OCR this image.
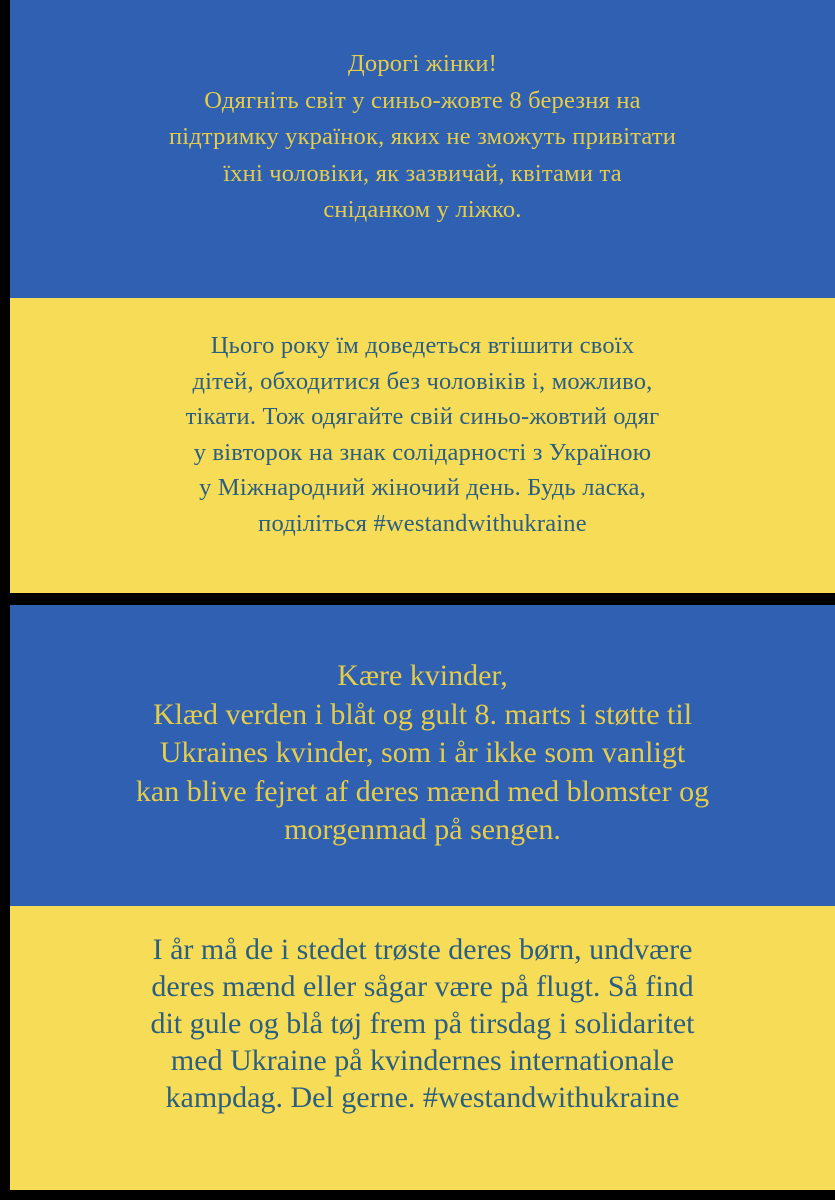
Дорогі жінки!
Одягніть світ у синьо-жовте 8 березня на
підтримку українок, яких не зможуть привітати
їхні чоловіки, як зазвичай, квітами та
сніданком у ліжко.
Цього року їм доведеться втішити своїх
дітей, обходитися без чоловіків і, можливо,
тікати. Тож одягайте свій синьо-жовтий одяг
у вівторок на знак солідарності з Україною
у Міжнародний жіночий день. Будь ласка,
поділіться #westandwithukraine
Kære kvinder,
Klæd verden i blåt og gult 8. marts i støtte til
Ukraines kvinder, som i år ikke som vanligt
kan blive fejret af deres mænd med blomster og
morgenmad på sengen.
I år må de i stedet trøste deres børn, undvære
deres mænd eller sågar være på flugt. Så find
dit gule og blå tøj frem på tirsdag i solidaritet
med Ukraine på kvindernes internationale
kampdag. Del gerne. #westandwithukraine
